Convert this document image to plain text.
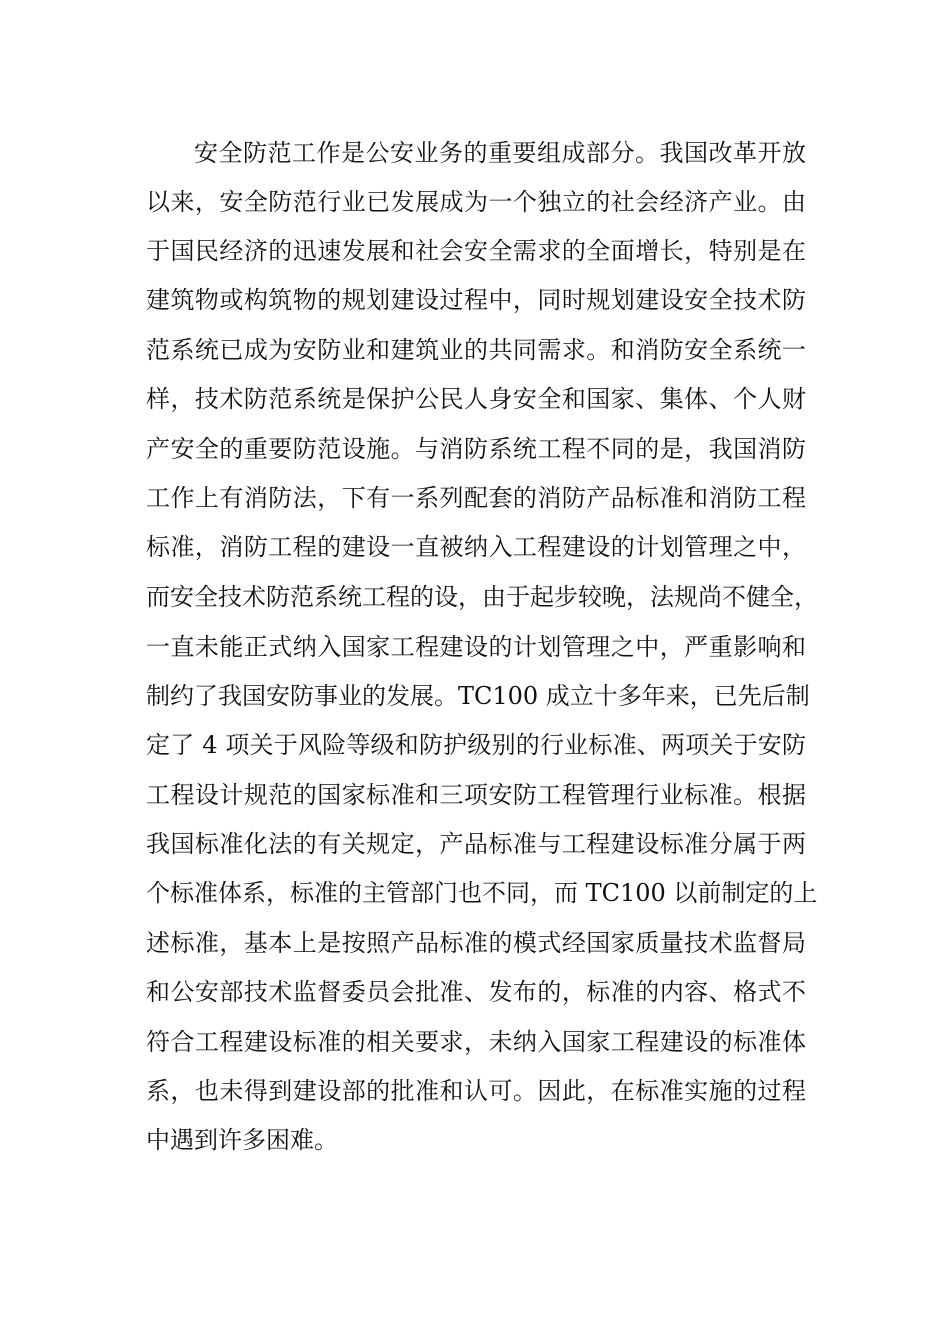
安全防范工作是公安业务的重要组成部分。我国改革开放
以来，安全防范行业已发展成为一个独立的社会经济产业。由
于国民经济的迅速发展和社会安全需求的全面增长，特别是在
建筑物或构筑物的规划建设过程中，同时规划建设安全技术防
范系统已成为安防业和建筑业的共同需求。和消防安全系统一
样，技术防范系统是保护公民人身安全和国家、集体、个人财
产安全的重要防范设施。与消防系统工程不同的是，我国消防
工作上有消防法，下有一系列配套的消防产品标准和消防工程
标准，消防工程的建设一直被纳入工程建设的计划管理之中，
而安全技术防范系统工程的设，由于起步较晚，法规尚不健全，
一直未能正式纳入国家工程建设的计划管理之中，严重影响和
制约了我国安防事业的发展。TC100 成立十多年来，已先后制
定了 4 项关于风险等级和防护级别的行业标准、两项关于安防
工程设计规范的国家标准和三项安防工程管理行业标准。根据
我国标准化法的有关规定，产品标准与工程建设标准分属于两
个标准体系，标准的主管部门也不同，而 TC100 以前制定的上
述标准，基本上是按照产品标准的模式经国家质量技术监督局
和公安部技术监督委员会批准、发布的，标准的内容、格式不
符合工程建设标准的相关要求，未纳入国家工程建设的标准体
系，也未得到建设部的批准和认可。因此，在标准实施的过程
中遇到许多困难。
